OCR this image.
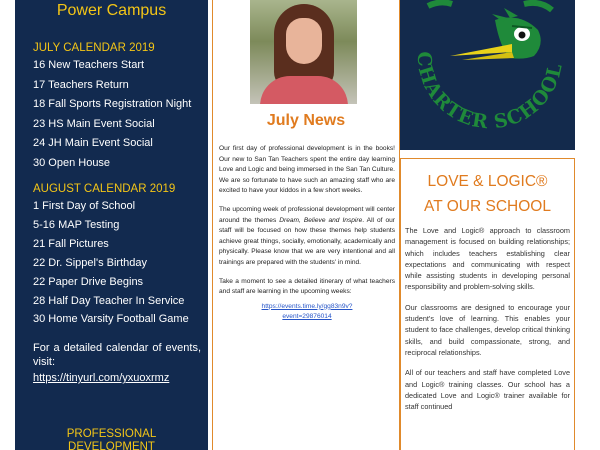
Power Campus
JULY CALENDAR 2019
16 New Teachers Start
17 Teachers Return
18 Fall Sports Registration Night
23 HS Main Event Social
24 JH Main Event Social
30 Open House
AUGUST CALENDAR 2019
1 First Day of School
5-16 MAP Testing
21 Fall Pictures
22 Dr. Sippel's Birthday
22 Paper Drive Begins
28 Half Day Teacher In Service
30 Home Varsity Football Game
For a detailed calendar of events, visit:
https://tinyurl.com/yxuoxrmz
PROFESSIONAL
DEVELOPMENT
July News

Our first day of professional development is in the books! Our new to San Tan Teachers spent the entire day learning Love and Logic and being immersed in the San Tan Culture. We are so fortunate to have such an amazing staff who are excited to have your kiddos in a few short weeks.

The upcoming week of professional development will center around the themes Dream, Believe and Inspire. All of our staff will be focused on how these themes help students achieve great things, socially, emotionally, academically and physically. Please know that we are very intentional and all trainings are prepared with the students' in mind.

Take a moment to see a detailed itinerary of what teachers and staff are learning in the upcoming weeks:

https://events.time.ly/gg83n9v?
event=29876014
CHARTER SCHOOL
LOVE & LOGIC®
AT OUR SCHOOL

The Love and Logic® approach to classroom management is focused on building relationships; which includes teachers establishing clear expectations and communicating with respect while assisting students in developing personal responsibility and problem-solving skills.

Our classrooms are designed to encourage your student's love of learning. This enables your student to face challenges, develop critical thinking skills, and build compassionate, strong, and reciprocal relationships.

All of our teachers and staff have completed Love and Logic® training classes. Our school has a dedicated Love and Logic® trainer available for staff continued
